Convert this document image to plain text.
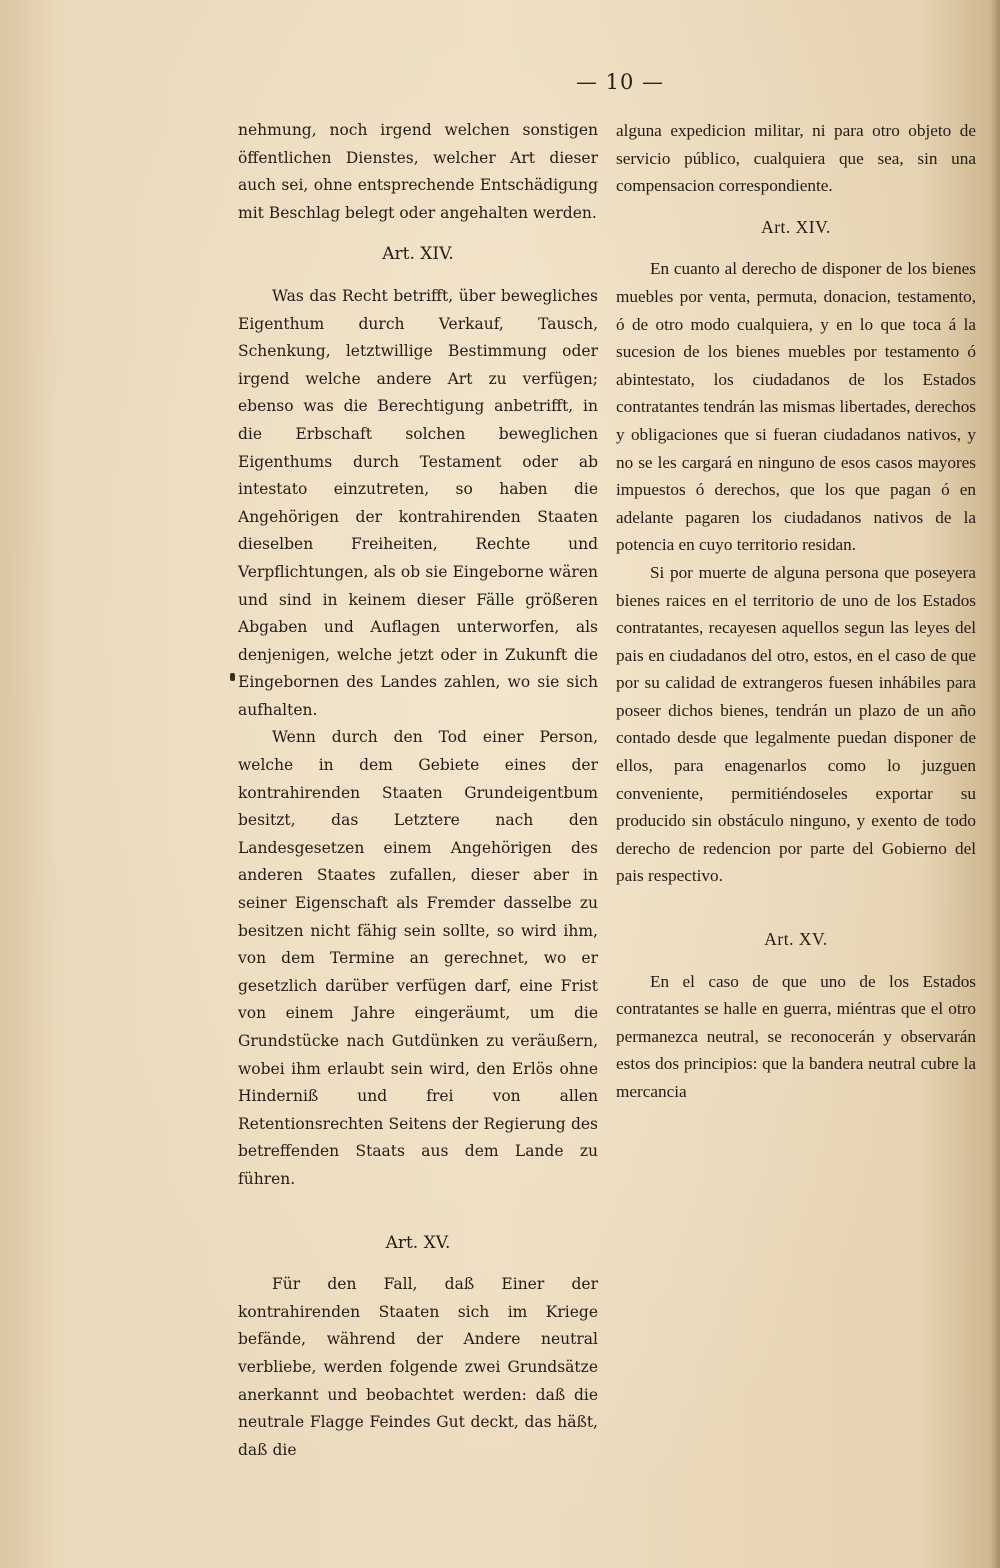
— 10 —

nehmung, noch irgend welchen sonstigen öffentlichen Dienstes, welcher Art dieser auch sei, ohne entsprechende Entschädigung mit Beschlag belegt oder angehalten werden.

Art. XIV.

Was das Recht betrifft, über bewegliches Eigenthum durch Verkauf, Tausch, Schenkung, letztwillige Bestimmung oder irgend welche andere Art zu verfügen; ebenso was die Berechtigung anbetrifft, in die Erbschaft solchen beweglichen Eigenthums durch Testament oder ab intestato einzutreten, so haben die Angehörigen der kontrahirenden Staaten dieselben Freiheiten, Rechte und Verpflichtungen, als ob sie Eingeborne wären und sind in keinem dieser Fälle größeren Abgaben und Auflagen unterworfen, als denjenigen, welche jetzt oder in Zukunft die Eingebornen des Landes zahlen, wo sie sich aufhalten.

Wenn durch den Tod einer Person, welche in dem Gebiete eines der kontrahirenden Staaten Grundeigentbum besitzt, das Letztere nach den Landesgesetzen einem Angehörigen des anderen Staates zufallen, dieser aber in seiner Eigenschaft als Fremder dasselbe zu besitzen nicht fähig sein sollte, so wird ihm, von dem Termine an gerechnet, wo er gesetzlich darüber verfügen darf, eine Frist von einem Jahre eingeräumt, um die Grundstücke nach Gutdünken zu veräußern, wobei ihm erlaubt sein wird, den Erlös ohne Hinderniß und frei von allen Retentionsrechten Seitens der Regierung des betreffenden Staats aus dem Lande zu führen.

Art. XV.

Für den Fall, daß Einer der kontrahirenden Staaten sich im Kriege befände, während der Andere neutral verbliebe, werden folgende zwei Grundsätze anerkannt und beobachtet werden: daß die neutrale Flagge Feindes Gut deckt, das häßt, daß die

alguna expedicion militar, ni para otro objeto de servicio público, cualquiera que sea, sin una compensacion correspondiente.

Art. XIV.

En cuanto al derecho de disponer de los bienes muebles por venta, permuta, donacion, testamento, ó de otro modo cualquiera, y en lo que toca á la sucesion de los bienes muebles por testamento ó abintestato, los ciudadanos de los Estados contratantes tendrán las mismas libertades, derechos y obligaciones que si fueran ciudadanos nativos, y no se les cargará en ninguno de esos casos mayores impuestos ó derechos, que los que pagan ó en adelante pagaren los ciudadanos nativos de la potencia en cuyo territorio residan.

Si por muerte de alguna persona que poseyera bienes raices en el territorio de uno de los Estados contratantes, recayesen aquellos segun las leyes del pais en ciudadanos del otro, estos, en el caso de que por su calidad de extrangeros fuesen inhábiles para poseer dichos bienes, tendrán un plazo de un año contado desde que legalmente puedan disponer de ellos, para enagenarlos como lo juzguen conveniente, permitiéndoseles exportar su producido sin obstáculo ninguno, y exento de todo derecho de redencion por parte del Gobierno del pais respectivo.

Art. XV.

En el caso de que uno de los Estados contratantes se halle en guerra, miéntras que el otro permanezca neutral, se reconocerán y observarán estos dos principios: que la bandera neutral cubre la mercancia
